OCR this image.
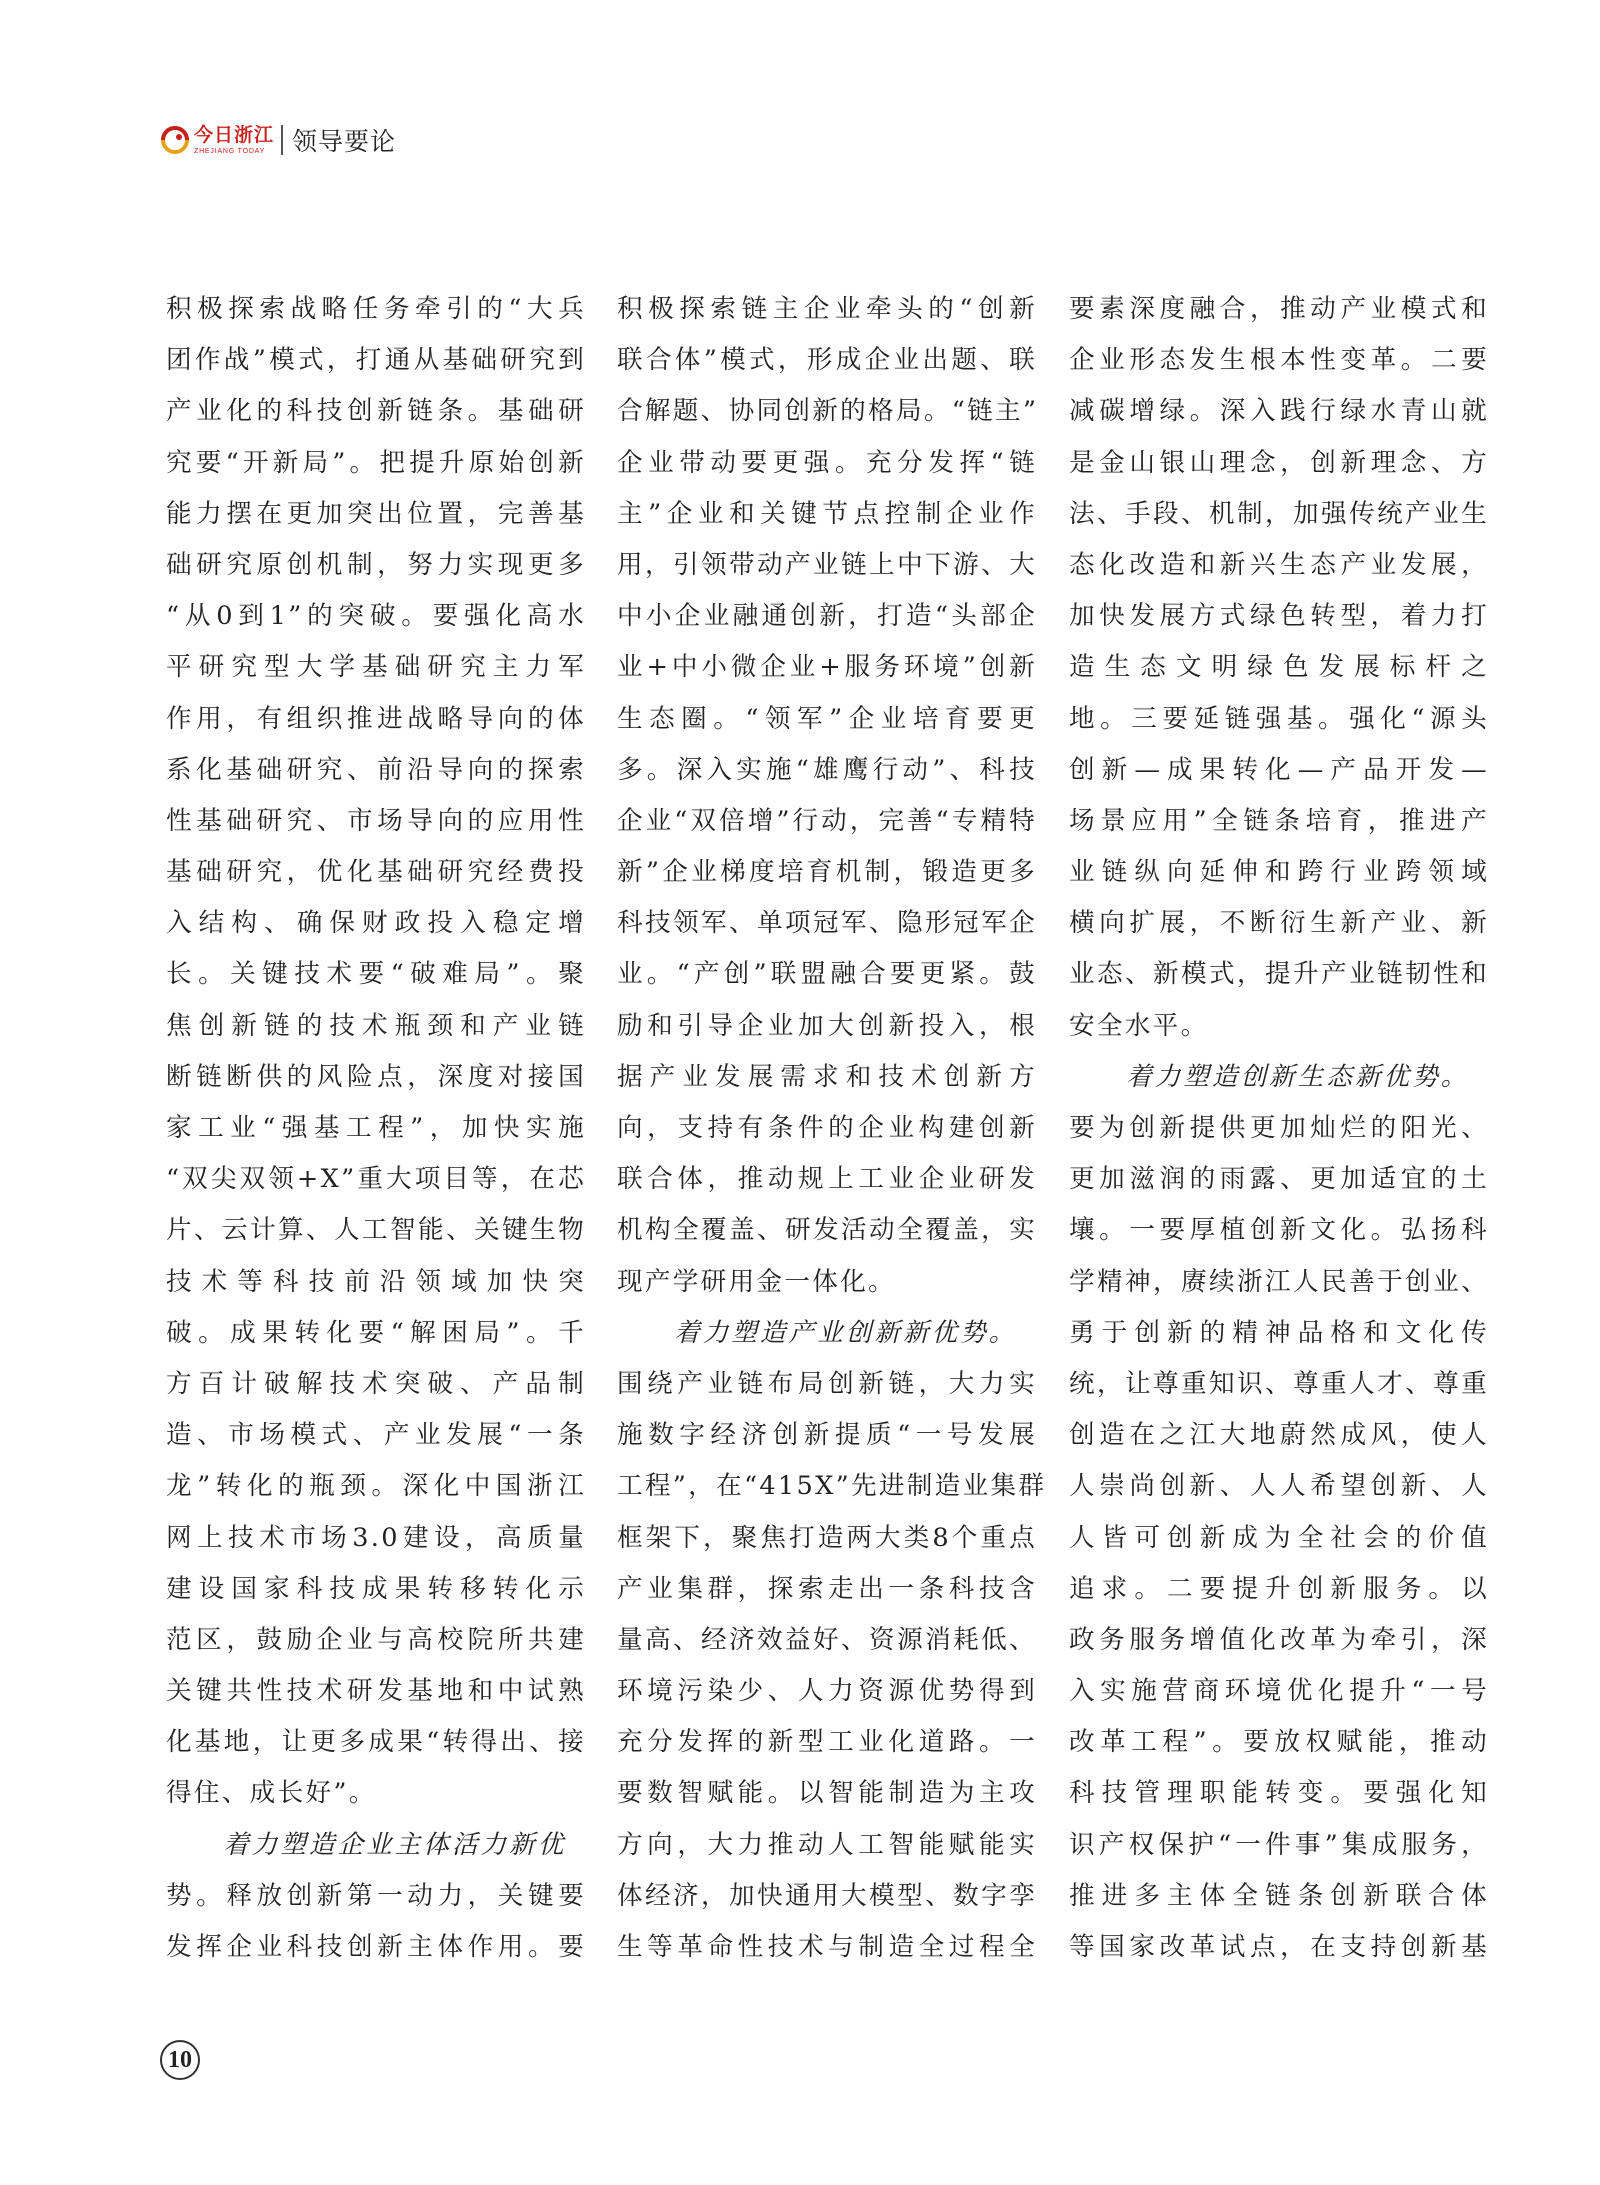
今日浙江
ZHEJIANG TODAY	领导要论
积极探索战略任务牵引的“大兵
团作战”模式，打通从基础研究到
产业化的科技创新链条。基础研
究要“开新局”。把提升原始创新
能力摆在更加突出位置，完善基
础研究原创机制，努力实现更多
“从0到1”的突破。要强化高水
平研究型大学基础研究主力军
作用，有组织推进战略导向的体
系化基础研究、前沿导向的探索
性基础研究、市场导向的应用性
基础研究，优化基础研究经费投
入结构、确保财政投入稳定增
长。关键技术要“破难局”。聚
焦创新链的技术瓶颈和产业链
断链断供的风险点，深度对接国
家工业“强基工程”，加快实施
“双尖双领+X”重大项目等，在芯
片、云计算、人工智能、关键生物
技术等科技前沿领域加快突
破。成果转化要“解困局”。千
方百计破解技术突破、产品制
造、市场模式、产业发展“一条
龙”转化的瓶颈。深化中国浙江
网上技术市场3.0建设，高质量
建设国家科技成果转移转化示
范区，鼓励企业与高校院所共建
关键共性技术研发基地和中试熟
化基地，让更多成果“转得出、接
得住、成长好”。
　　着力塑造企业主体活力新优
势。释放创新第一动力，关键要
发挥企业科技创新主体作用。要
积极探索链主企业牵头的“创新
联合体”模式，形成企业出题、联
合解题、协同创新的格局。“链主”
企业带动要更强。充分发挥“链
主”企业和关键节点控制企业作
用，引领带动产业链上中下游、大
中小企业融通创新，打造“头部企
业+中小微企业+服务环境”创新
生态圈。“领军”企业培育要更
多。深入实施“雄鹰行动”、科技
企业“双倍增”行动，完善“专精特
新”企业梯度培育机制，锻造更多
科技领军、单项冠军、隐形冠军企
业。“产创”联盟融合要更紧。鼓
励和引导企业加大创新投入，根
据产业发展需求和技术创新方
向，支持有条件的企业构建创新
联合体，推动规上工业企业研发
机构全覆盖、研发活动全覆盖，实
现产学研用金一体化。
　　着力塑造产业创新新优势。
围绕产业链布局创新链，大力实
施数字经济创新提质“一号发展
工程”，在“415X”先进制造业集群
框架下，聚焦打造两大类8个重点
产业集群，探索走出一条科技含
量高、经济效益好、资源消耗低、
环境污染少、人力资源优势得到
充分发挥的新型工业化道路。一
要数智赋能。以智能制造为主攻
方向，大力推动人工智能赋能实
体经济，加快通用大模型、数字孪
生等革命性技术与制造全过程全
要素深度融合，推动产业模式和
企业形态发生根本性变革。二要
减碳增绿。深入践行绿水青山就
是金山银山理念，创新理念、方
法、手段、机制，加强传统产业生
态化改造和新兴生态产业发展，
加快发展方式绿色转型，着力打
造生态文明绿色发展标杆之
地。三要延链强基。强化“源头
创新—成果转化—产品开发—
场景应用”全链条培育，推进产
业链纵向延伸和跨行业跨领域
横向扩展，不断衍生新产业、新
业态、新模式，提升产业链韧性和
安全水平。
　　着力塑造创新生态新优势。
要为创新提供更加灿烂的阳光、
更加滋润的雨露、更加适宜的土
壤。一要厚植创新文化。弘扬科
学精神，赓续浙江人民善于创业、
勇于创新的精神品格和文化传
统，让尊重知识、尊重人才、尊重
创造在之江大地蔚然成风，使人
人崇尚创新、人人希望创新、人
人皆可创新成为全社会的价值
追求。二要提升创新服务。以
政务服务增值化改革为牵引，深
入实施营商环境优化提升“一号
改革工程”。要放权赋能，推动
科技管理职能转变。要强化知
识产权保护“一件事”集成服务，
推进多主体全链条创新联合体
等国家改革试点，在支持创新基
10
